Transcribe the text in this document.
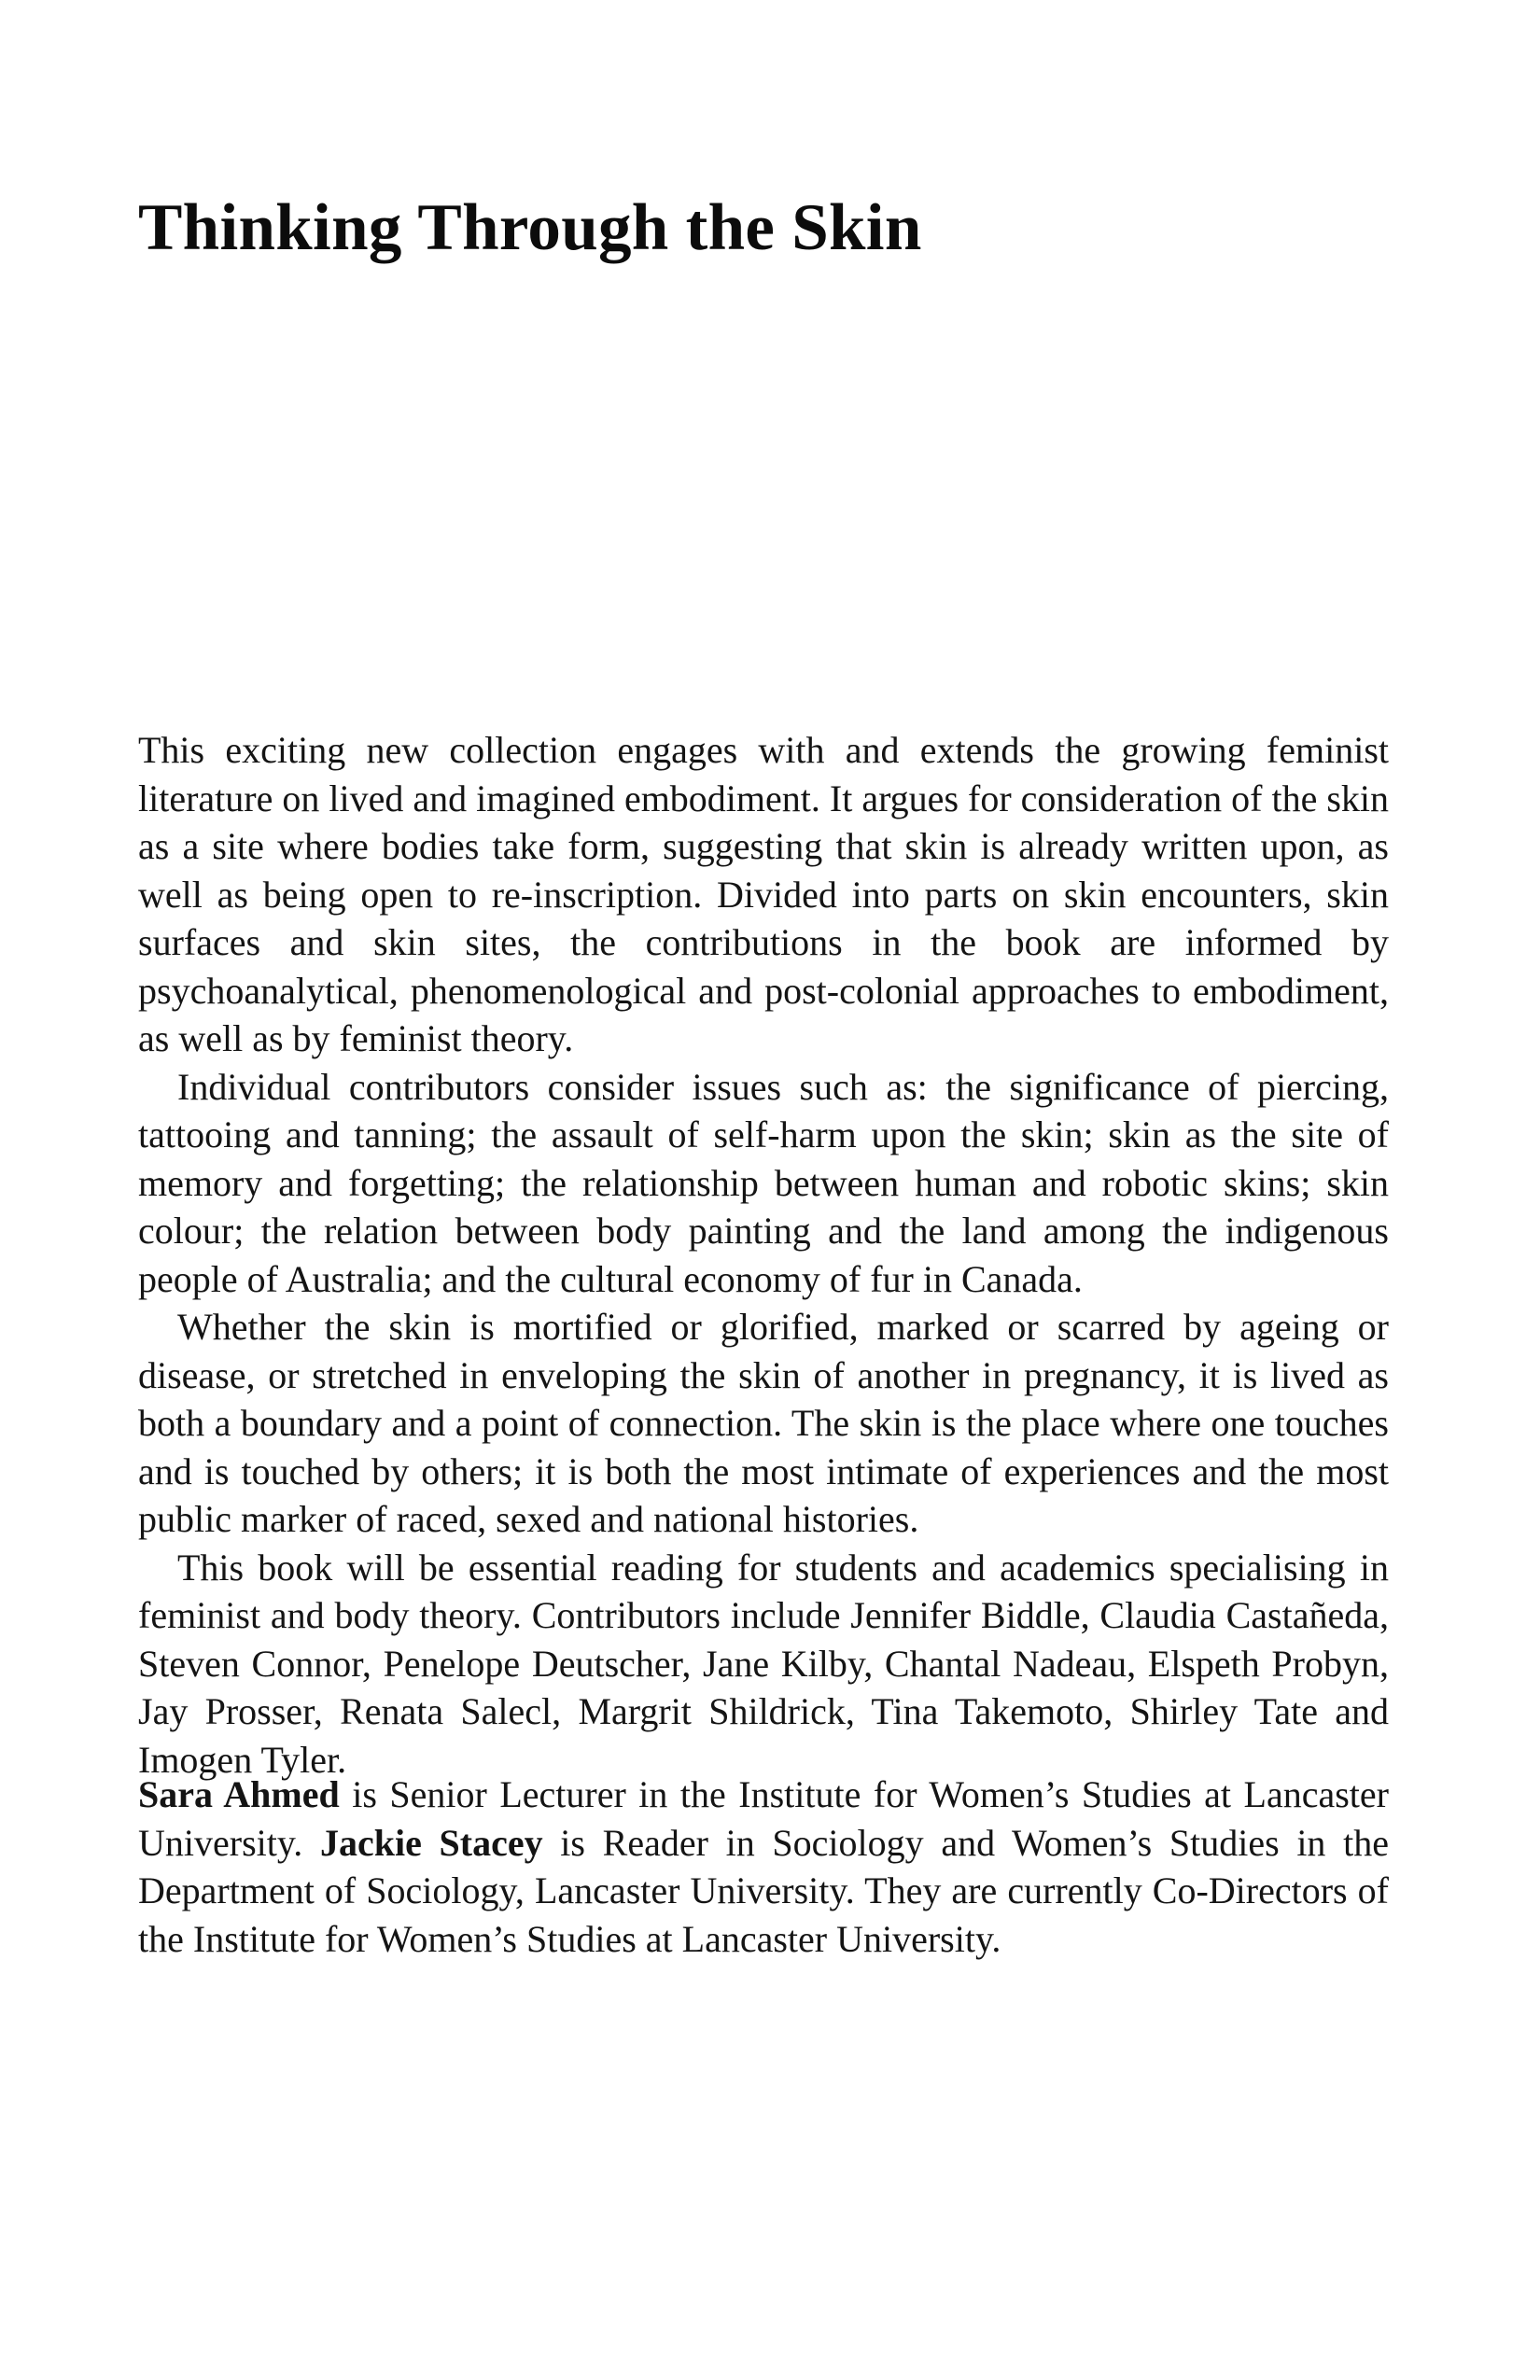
Thinking Through the Skin

This exciting new collection engages with and extends the growing feminist literature on lived and imagined embodiment. It argues for consideration of the skin as a site where bodies take form, suggesting that skin is already written upon, as well as being open to re-inscription. Divided into parts on skin encounters, skin surfaces and skin sites, the contributions in the book are informed by psychoanalytical, phenomenological and post-colonial approaches to embodiment, as well as by feminist theory.

Individual contributors consider issues such as: the significance of piercing, tattooing and tanning; the assault of self-harm upon the skin; skin as the site of memory and forgetting; the relationship between human and robotic skins; skin colour; the relation between body painting and the land among the indigenous people of Australia; and the cultural economy of fur in Canada.

Whether the skin is mortified or glorified, marked or scarred by ageing or disease, or stretched in enveloping the skin of another in pregnancy, it is lived as both a boundary and a point of connection. The skin is the place where one touches and is touched by others; it is both the most intimate of experiences and the most public marker of raced, sexed and national histories.

This book will be essential reading for students and academics specialising in feminist and body theory. Contributors include Jennifer Biddle, Claudia Castañeda, Steven Connor, Penelope Deutscher, Jane Kilby, Chantal Nadeau, Elspeth Probyn, Jay Prosser, Renata Salecl, Margrit Shildrick, Tina Takemoto, Shirley Tate and Imogen Tyler.

Sara Ahmed is Senior Lecturer in the Institute for Women’s Studies at Lancaster University. Jackie Stacey is Reader in Sociology and Women’s Studies in the Department of Sociology, Lancaster University. They are currently Co-Directors of the Institute for Women’s Studies at Lancaster University.
